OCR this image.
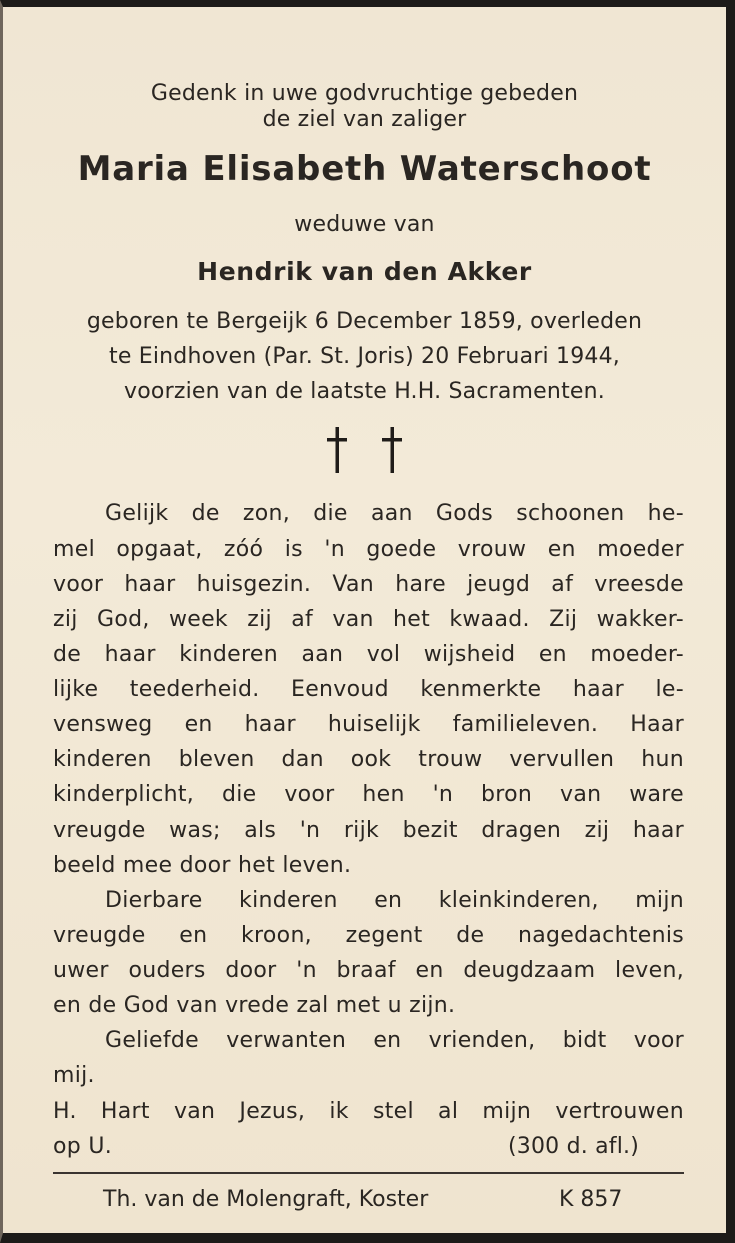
Gedenk in uwe godvruchtige gebeden
de ziel van zaliger
Maria Elisabeth Waterschoot
weduwe van
Hendrik van den Akker
geboren te Bergeijk 6 December 1859, overleden
te Eindhoven (Par. St. Joris) 20 Februari 1944,
voorzien van de laatste H.H. Sacramenten.

Gelijk de zon, die aan Gods schoonen he-
mel opgaat, zóó is 'n goede vrouw en moeder
voor haar huisgezin. Van hare jeugd af vreesde
zij God, week zij af van het kwaad. Zij wakker-
de haar kinderen aan vol wijsheid en moeder-
lijke teederheid. Eenvoud kenmerkte haar le-
vensweg en haar huiselijk familieleven. Haar
kinderen bleven dan ook trouw vervullen hun
kinderplicht, die voor hen 'n bron van ware
vreugde was; als 'n rijk bezit dragen zij haar
beeld mee door het leven.
Dierbare kinderen en kleinkinderen, mijn
vreugde en kroon, zegent de nagedachtenis
uwer ouders door 'n braaf en deugdzaam leven,
en de God van vrede zal met u zijn.
Geliefde verwanten en vrienden, bidt voor
mij.
H. Hart van Jezus, ik stel al mijn vertrouwen
op U.	(300 d. afl.)
Th. van de Molengraft, Koster	K 857
